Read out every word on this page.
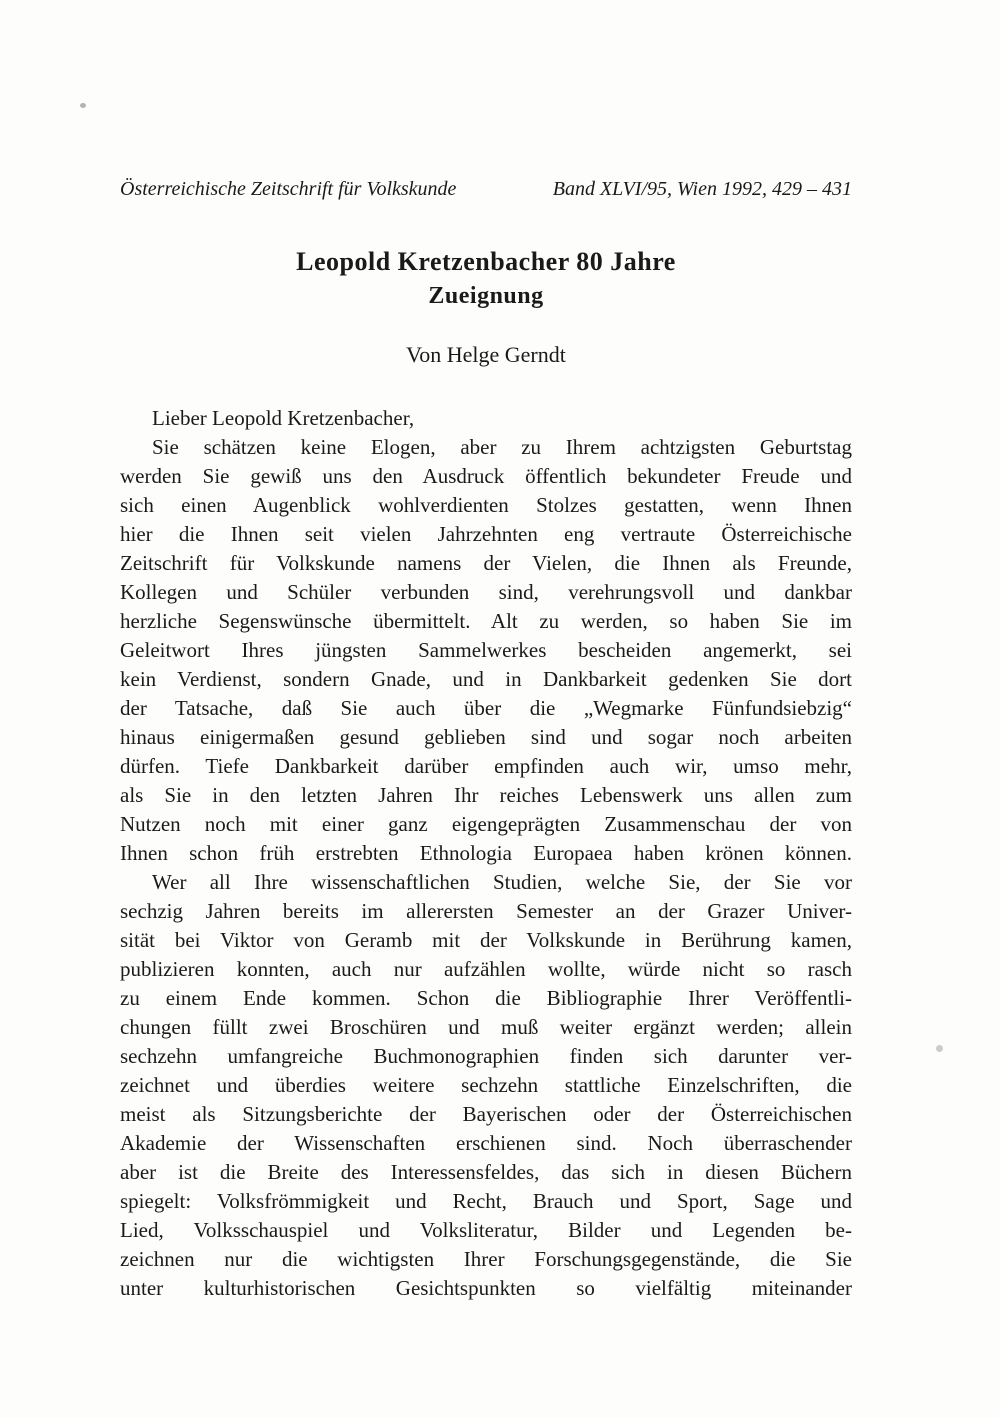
Österreichische Zeitschrift für Volkskunde	Band XLVI/95, Wien 1992, 429 – 431
Leopold Kretzenbacher 80 Jahre
Zueignung
Von Helge Gerndt
Lieber Leopold Kretzenbacher,
Sie schätzen keine Elogen, aber zu Ihrem achtzigsten Geburtstag
werden Sie gewiß uns den Ausdruck öffentlich bekundeter Freude und
sich einen Augenblick wohlverdienten Stolzes gestatten, wenn Ihnen
hier die Ihnen seit vielen Jahrzehnten eng vertraute Österreichische
Zeitschrift für Volkskunde namens der Vielen, die Ihnen als Freunde,
Kollegen und Schüler verbunden sind, verehrungsvoll und dankbar
herzliche Segenswünsche übermittelt. Alt zu werden, so haben Sie im
Geleitwort Ihres jüngsten Sammelwerkes bescheiden angemerkt, sei
kein Verdienst, sondern Gnade, und in Dankbarkeit gedenken Sie dort
der Tatsache, daß Sie auch über die „Wegmarke Fünfundsiebzig“
hinaus einigermaßen gesund geblieben sind und sogar noch arbeiten
dürfen. Tiefe Dankbarkeit darüber empfinden auch wir, umso mehr,
als Sie in den letzten Jahren Ihr reiches Lebenswerk uns allen zum
Nutzen noch mit einer ganz eigengeprägten Zusammenschau der von
Ihnen schon früh erstrebten Ethnologia Europaea haben krönen können.
Wer all Ihre wissenschaftlichen Studien, welche Sie, der Sie vor
sechzig Jahren bereits im allerersten Semester an der Grazer Univer-
sität bei Viktor von Geramb mit der Volkskunde in Berührung kamen,
publizieren konnten, auch nur aufzählen wollte, würde nicht so rasch
zu einem Ende kommen. Schon die Bibliographie Ihrer Veröffentli-
chungen füllt zwei Broschüren und muß weiter ergänzt werden; allein
sechzehn umfangreiche Buchmonographien finden sich darunter ver-
zeichnet und überdies weitere sechzehn stattliche Einzelschriften, die
meist als Sitzungsberichte der Bayerischen oder der Österreichischen
Akademie der Wissenschaften erschienen sind. Noch überraschender
aber ist die Breite des Interessensfeldes, das sich in diesen Büchern
spiegelt: Volksfrömmigkeit und Recht, Brauch und Sport, Sage und
Lied, Volksschauspiel und Volksliteratur, Bilder und Legenden be-
zeichnen nur die wichtigsten Ihrer Forschungsgegenstände, die Sie
unter kulturhistorischen Gesichtspunkten so vielfältig miteinander
